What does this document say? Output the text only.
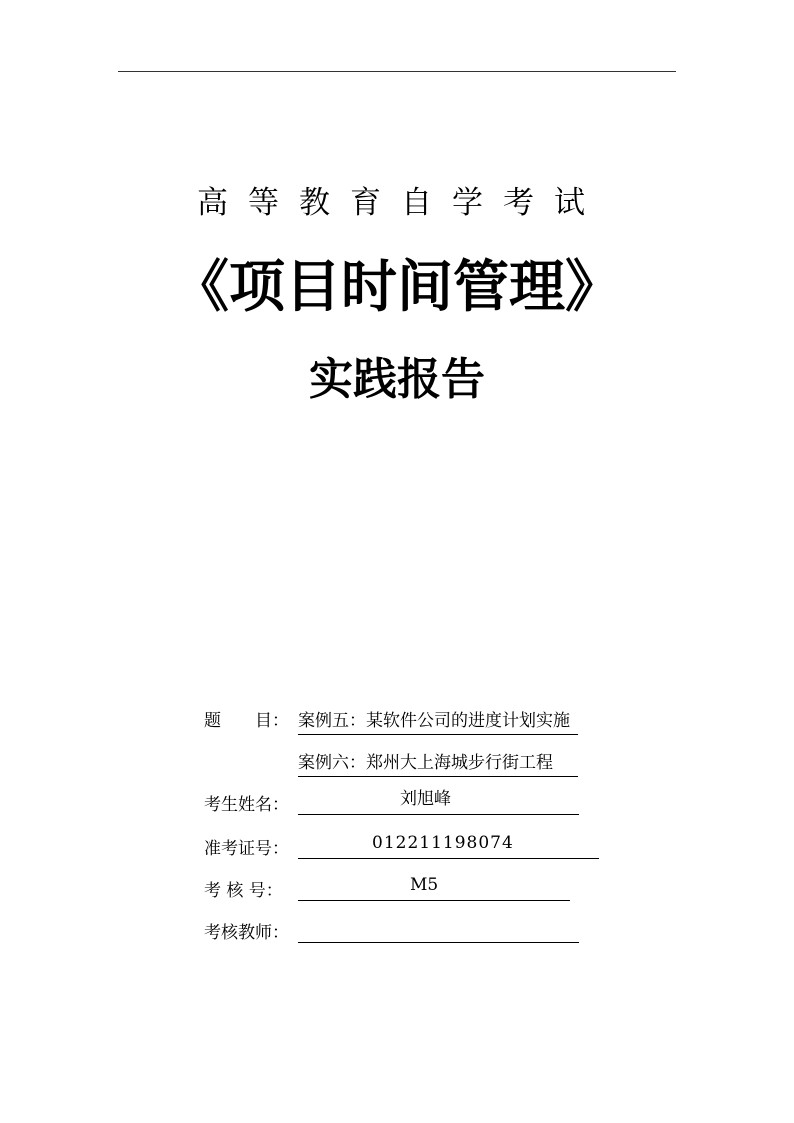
高等教育自学考试
《项目时间管理》
实践报告
题　　目： 案例五：某软件公司的进度计划实施
案例六：郑州大上海城步行街工程
考生姓名：	刘旭峰
准考证号：	012211198074
考 核 号：	M5
考核教师：
